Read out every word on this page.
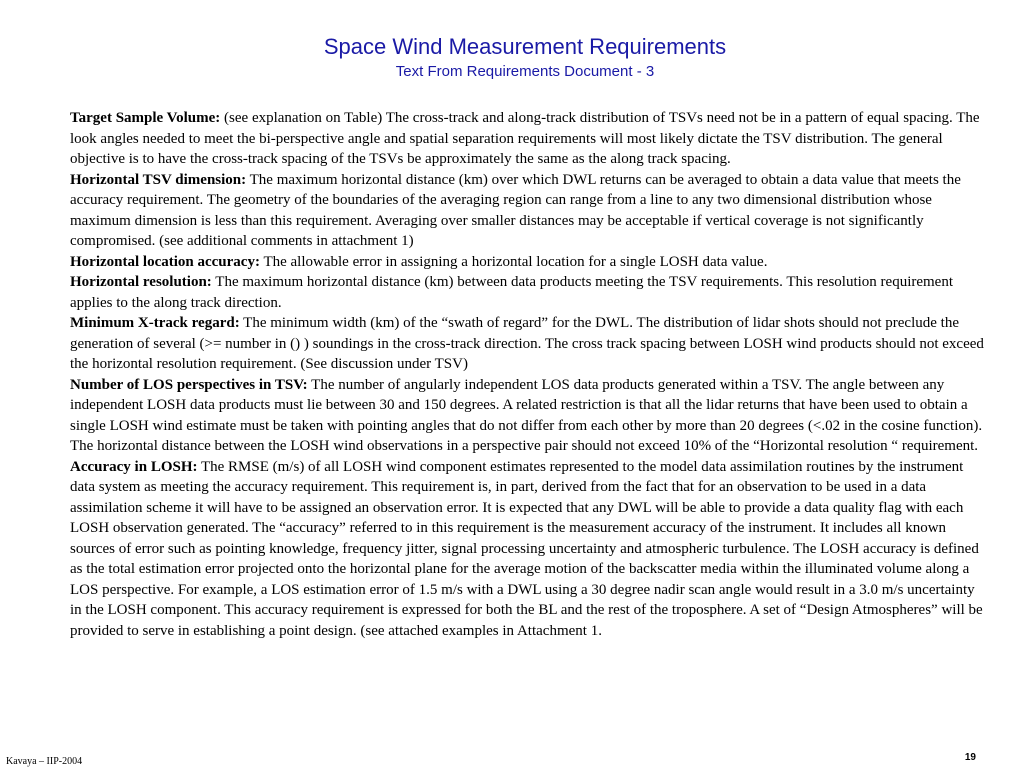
Space Wind Measurement Requirements
Text From Requirements Document - 3

Target Sample Volume: (see explanation on Table) The cross-track and along-track distribution of TSVs need not be in a pattern of equal spacing. The look angles needed to meet the bi-perspective angle and spatial separation requirements will most likely dictate the TSV distribution. The general objective is to have the cross-track spacing of the TSVs be approximately the same as the along track spacing.

Horizontal TSV dimension: The maximum horizontal distance (km) over which DWL returns can be averaged to obtain a data value that meets the accuracy requirement. The geometry of the boundaries of the averaging region can range from a line to any two dimensional distribution whose maximum dimension is less than this requirement. Averaging over smaller distances may be acceptable if vertical coverage is not significantly compromised. (see additional comments in attachment 1)

Horizontal location accuracy: The allowable error in assigning a horizontal location for a single LOSH data value.

Horizontal resolution: The maximum horizontal distance (km) between data products meeting the TSV requirements. This resolution requirement applies to the along track direction.

Minimum X-track regard: The minimum width (km) of the “swath of regard” for the DWL. The distribution of lidar shots should not preclude the generation of several (>= number in () ) soundings in the cross-track direction. The cross track spacing between LOSH wind products should not exceed the horizontal resolution requirement. (See discussion under TSV)

Number of LOS perspectives in TSV: The number of angularly independent LOS data products generated within a TSV. The angle between any independent LOSH data products must lie between 30 and 150 degrees. A related restriction is that all the lidar returns that have been used to obtain a single LOSH wind estimate must be taken with pointing angles that do not differ from each other by more than 20 degrees (<.02 in the cosine function). The horizontal distance between the LOSH wind observations in a perspective pair should not exceed 10% of the “Horizontal resolution “ requirement.

Accuracy in LOSH: The RMSE (m/s) of all LOSH wind component estimates represented to the model data assimilation routines by the instrument data system as meeting the accuracy requirement. This requirement is, in part, derived from the fact that for an observation to be used in a data assimilation scheme it will have to be assigned an observation error. It is expected that any DWL will be able to provide a data quality flag with each LOSH observation generated. The “accuracy” referred to in this requirement is the measurement accuracy of the instrument. It includes all known sources of error such as pointing knowledge, frequency jitter, signal processing uncertainty and atmospheric turbulence. The LOSH accuracy is defined as the total estimation error projected onto the horizontal plane for the average motion of the backscatter media within the illuminated volume along a LOS perspective. For example, a LOS estimation error of 1.5 m/s with a DWL using a 30 degree nadir scan angle would result in a 3.0 m/s uncertainty in the LOSH component. This accuracy requirement is expressed for both the BL and the rest of the troposphere. A set of “Design Atmospheres” will be provided to serve in establishing a point design. (see attached examples in Attachment 1.

Kavaya – IIP-2004	19
